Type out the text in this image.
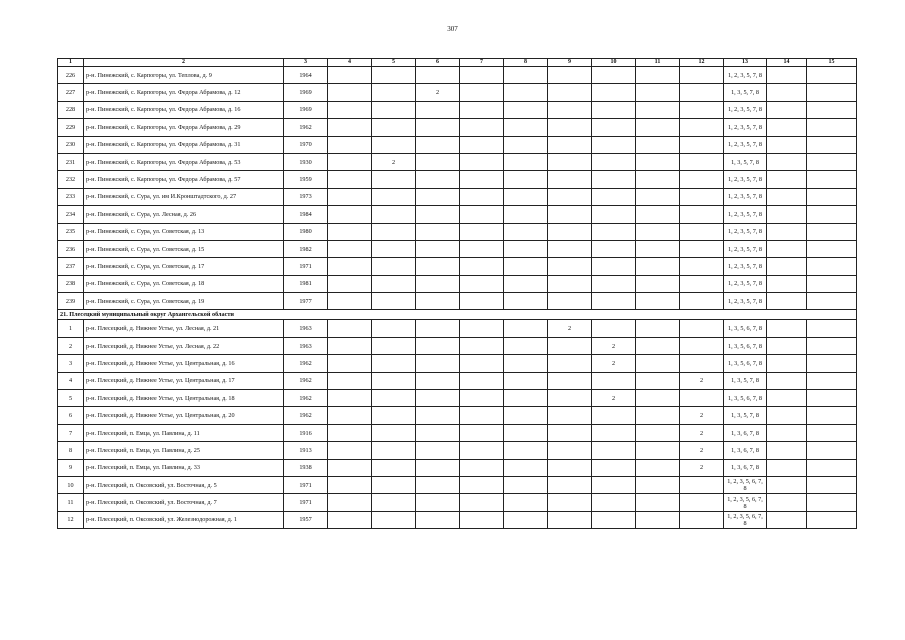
307
1	2	3	4	5	6	7	8	9	10	11	12	13	14	15
226	р-н. Пинежский, с. Карпогоры, ул. Теплова, д. 9	1964										1, 2, 3, 5, 7, 8		
227	р-н. Пинежский, с. Карпогоры, ул. Федора Абрамова, д. 12	1969			2							1, 3, 5, 7, 8		
228	р-н. Пинежский, с. Карпогоры, ул. Федора Абрамова, д. 16	1969										1, 2, 3, 5, 7, 8		
229	р-н. Пинежский, с. Карпогоры, ул. Федора Абрамова, д. 29	1962										1, 2, 3, 5, 7, 8		
230	р-н. Пинежский, с. Карпогоры, ул. Федора Абрамова, д. 31	1970										1, 2, 3, 5, 7, 8		
231	р-н. Пинежский, с. Карпогоры, ул. Федора Абрамова, д. 53	1930		2								1, 3, 5, 7, 8		
232	р-н. Пинежский, с. Карпогоры, ул. Федора Абрамова, д. 57	1959										1, 2, 3, 5, 7, 8		
233	р-н. Пинежский, с. Сура, ул. им И.Кронштадтского, д. 27	1973										1, 2, 3, 5, 7, 8		
234	р-н. Пинежский, с. Сура, ул. Лесная, д. 26	1984										1, 2, 3, 5, 7, 8		
235	р-н. Пинежский, с. Сура, ул. Советская, д. 13	1980										1, 2, 3, 5, 7, 8		
236	р-н. Пинежский, с. Сура, ул. Советская, д. 15	1982										1, 2, 3, 5, 7, 8		
237	р-н. Пинежский, с. Сура, ул. Советская, д. 17	1971										1, 2, 3, 5, 7, 8		
238	р-н. Пинежский, с. Сура, ул. Советская, д. 18	1981										1, 2, 3, 5, 7, 8		
239	р-н. Пинежский, с. Сура, ул. Советская, д. 19	1977										1, 2, 3, 5, 7, 8		
21. Плесецкий муниципальный округ Архангельской области														
1	р-н. Плесецкий, д. Нижнее Устье, ул. Лесная, д. 21	1963						2				1, 3, 5, 6, 7, 8		
2	р-н. Плесецкий, д. Нижнее Устье, ул. Лесная, д. 22	1963							2			1, 3, 5, 6, 7, 8		
3	р-н. Плесецкий, д. Нижнее Устье, ул. Центральная, д. 16	1962							2			1, 3, 5, 6, 7, 8		
4	р-н. Плесецкий, д. Нижнее Устье, ул. Центральная, д. 17	1962									2	1, 3, 5, 7, 8		
5	р-н. Плесецкий, д. Нижнее Устье, ул. Центральная, д. 18	1962							2			1, 3, 5, 6, 7, 8		
6	р-н. Плесецкий, д. Нижнее Устье, ул. Центральная, д. 20	1962									2	1, 3, 5, 7, 8		
7	р-н. Плесецкий, п. Емца, ул. Павлина, д. 11	1916									2	1, 3, 6, 7, 8		
8	р-н. Плесецкий, п. Емца, ул. Павлина, д. 25	1913									2	1, 3, 6, 7, 8		
9	р-н. Плесецкий, п. Емца, ул. Павлина, д. 33	1938									2	1, 3, 6, 7, 8		
10	р-н. Плесецкий, п. Оксовский, ул. Восточная, д. 5	1971										1, 2, 3, 5, 6, 7, 8		
11	р-н. Плесецкий, п. Оксовский, ул. Восточная, д. 7	1971										1, 2, 3, 5, 6, 7, 8		
12	р-н. Плесецкий, п. Оксовский, ул. Железнодорожная, д. 1	1957										1, 2, 3, 5, 6, 7, 8		
